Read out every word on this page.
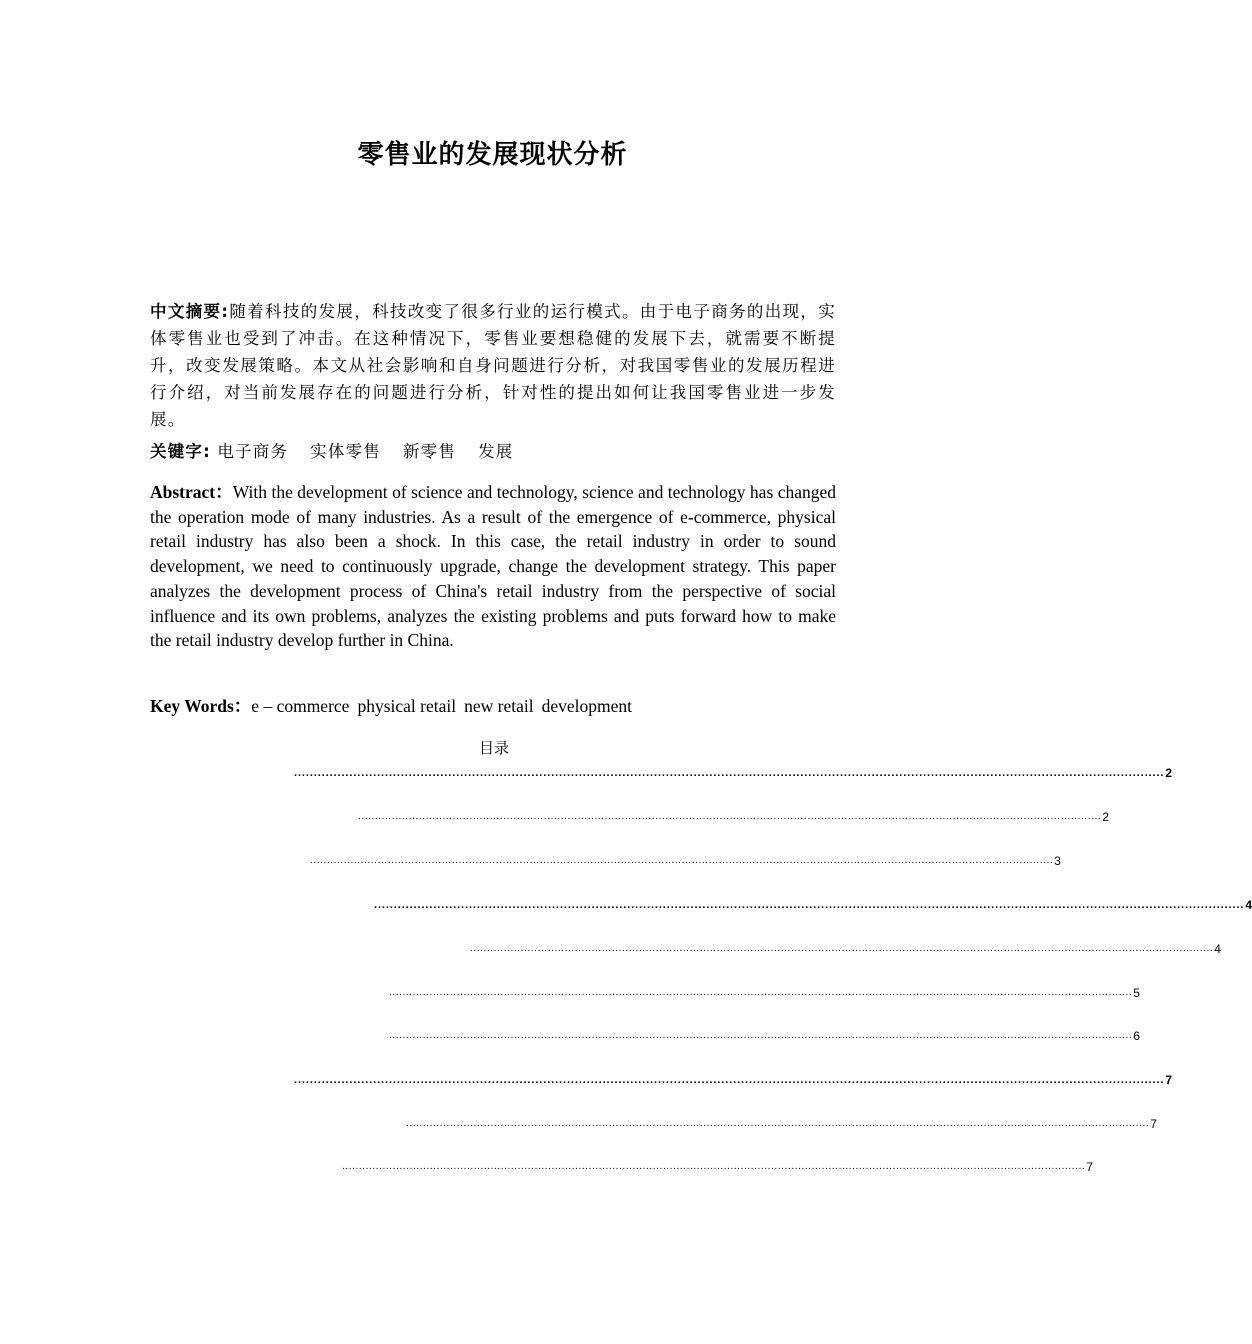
零售业的发展现状分析
中文摘要:随着科技的发展，科技改变了很多行业的运行模式。由于电子商务的出现，实体零售业也受到了冲击。在这种情况下，零售业要想稳健的发展下去，就需要不断提升，改变发展策略。本文从社会影响和自身问题进行分析，对我国零售业的发展历程进行介绍，对当前发展存在的问题进行分析，针对性的提出如何让我国零售业进一步发展。
关键字: 电子商务 实体零售 新零售 发展
Abstract：With the development of science and technology, science and technology has changed the operation mode of many industries. As a result of the emergence of e-commerce, physical retail industry has also been a shock. In this case, the retail industry in order to sound development, we need to continuously upgrade, change the development strategy. This paper analyzes the development process of China's retail industry from the perspective of social influence and its own problems, analyzes the existing problems and puts forward how to make the retail industry develop further in China.
Key Words：e – commerce physical retail new retail development
目录
............................................................................................................................................................................................................................ 2
............................................................................................................................................................................................................................ 2
............................................................................................................................................................................................................................ 3
............................................................................................................................................................................................................................ 4
............................................................................................................................................................................................................................ 4
............................................................................................................................................................................................................................ 5
............................................................................................................................................................................................................................ 6
............................................................................................................................................................................................................................ 7
............................................................................................................................................................................................................................ 7
............................................................................................................................................................................................................................ 7
